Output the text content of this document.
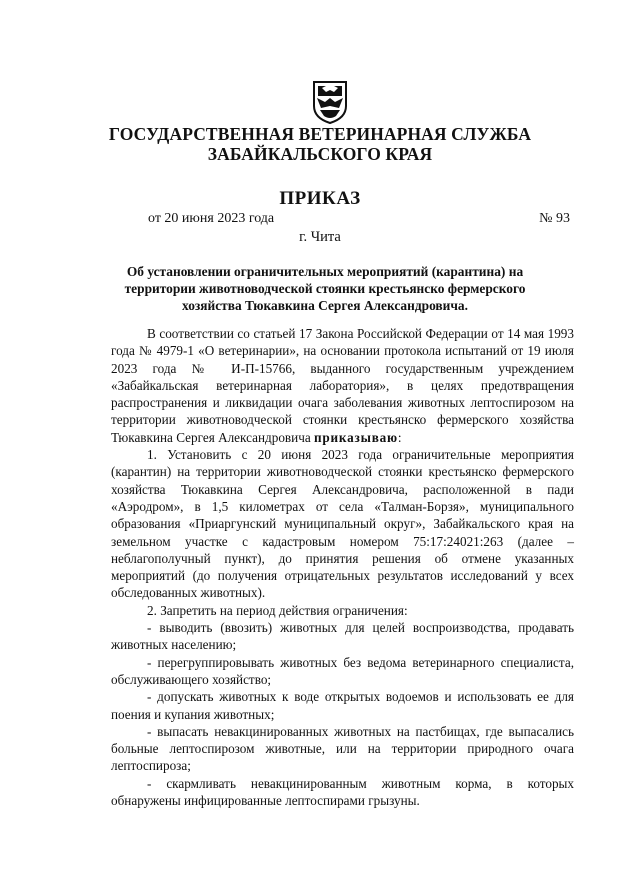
ГОСУДАРСТВЕННАЯ ВЕТЕРИНАРНАЯ СЛУЖБА
ЗАБАЙКАЛЬСКОГО КРАЯ
ПРИКАЗ
от 20 июня 2023 года	№ 93
г. Чита
Об установлении ограничительных мероприятий (карантина) на территории животноводческой стоянки крестьянско фермерского хозяйства Тюкавкина Сергея Александровича.

В соответствии со статьей 17 Закона Российской Федерации от 14 мая 1993 года № 4979-1 «О ветеринарии», на основании протокола испытаний от 19 июля 2023 года № И-П-15766, выданного государственным учреждением «Забайкальская ветеринарная лаборатория», в целях предотвращения распространения и ликвидации очага заболевания животных лептоспирозом на территории животноводческой стоянки крестьянско фермерского хозяйства Тюкавкина Сергея Александровича приказываю:

1. Установить с 20 июня 2023 года ограничительные мероприятия (карантин) на территории животноводческой стоянки крестьянско фермерского хозяйства Тюкавкина Сергея Александровича, расположенной в пади «Аэродром», в 1,5 километрах от села «Талман-Борзя», муниципального образования «Приаргунский муниципальный округ», Забайкальского края на земельном участке с кадастровым номером 75:17:24021:263 (далее – неблагополучный пункт), до принятия решения об отмене указанных мероприятий (до получения отрицательных результатов исследований у всех обследованных животных).

2. Запретить на период действия ограничения:

- выводить (ввозить) животных для целей воспроизводства, продавать животных населению;

- перегруппировывать животных без ведома ветеринарного специалиста, обслуживающего хозяйство;

- допускать животных к воде открытых водоемов и использовать ее для поения и купания животных;

- выпасать невакцинированных животных на пастбищах, где выпасались больные лептоспирозом животные, или на территории природного очага лептоспироза;

- скармливать невакцинированным животным корма, в которых обнаружены инфицированные лептоспирами грызуны.
